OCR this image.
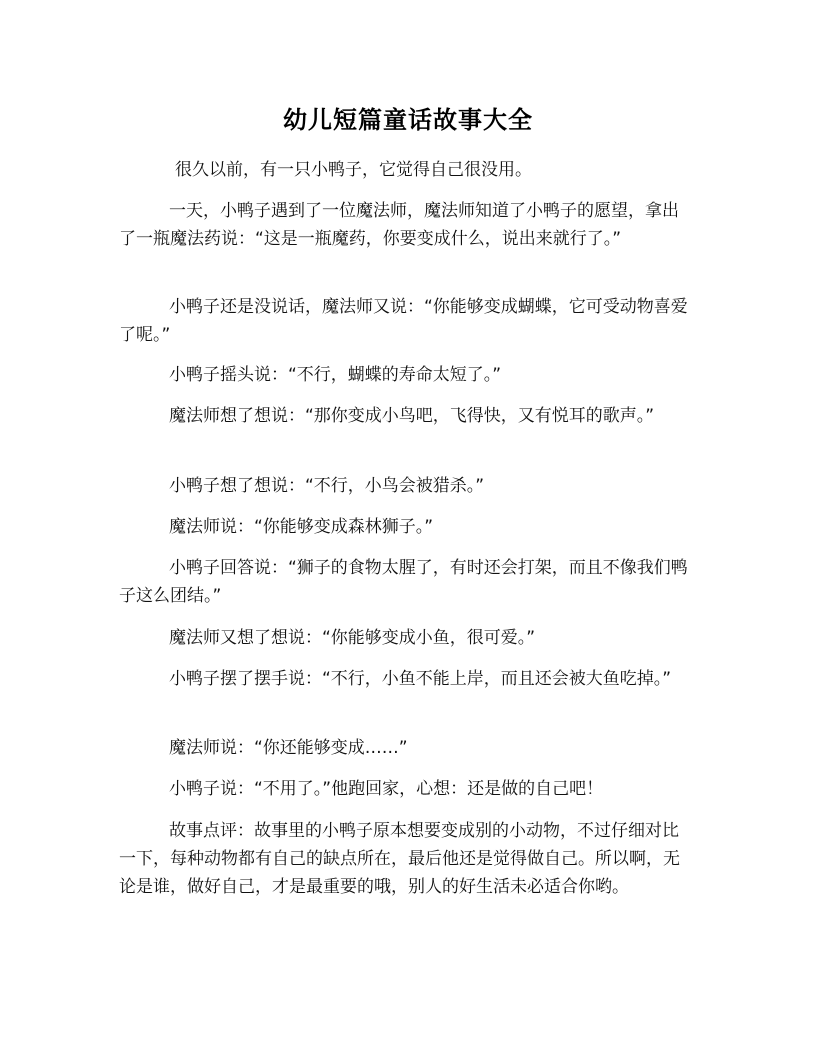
幼儿短篇童话故事大全

很久以前，有一只小鸭子，它觉得自己很没用。

一天，小鸭子遇到了一位魔法师，魔法师知道了小鸭子的愿望，拿出了一瓶魔法药说：“这是一瓶魔药，你要变成什么，说出来就行了。”

小鸭子还是没说话，魔法师又说：“你能够变成蝴蝶，它可受动物喜爱了呢。”

小鸭子摇头说：“不行，蝴蝶的寿命太短了。”

魔法师想了想说：“那你变成小鸟吧，飞得快，又有悦耳的歌声。”

小鸭子想了想说：“不行，小鸟会被猎杀。”

魔法师说：“你能够变成森林狮子。”

小鸭子回答说：“狮子的食物太腥了，有时还会打架，而且不像我们鸭子这么团结。”

魔法师又想了想说：“你能够变成小鱼，很可爱。”

小鸭子摆了摆手说：“不行，小鱼不能上岸，而且还会被大鱼吃掉。”

魔法师说：“你还能够变成……”

小鸭子说：“不用了。”他跑回家，心想：还是做的自己吧！

故事点评：故事里的小鸭子原本想要变成别的小动物，不过仔细对比一下，每种动物都有自己的缺点所在，最后他还是觉得做自己。所以啊，无论是谁，做好自己，才是最重要的哦，别人的好生活未必适合你哟。
